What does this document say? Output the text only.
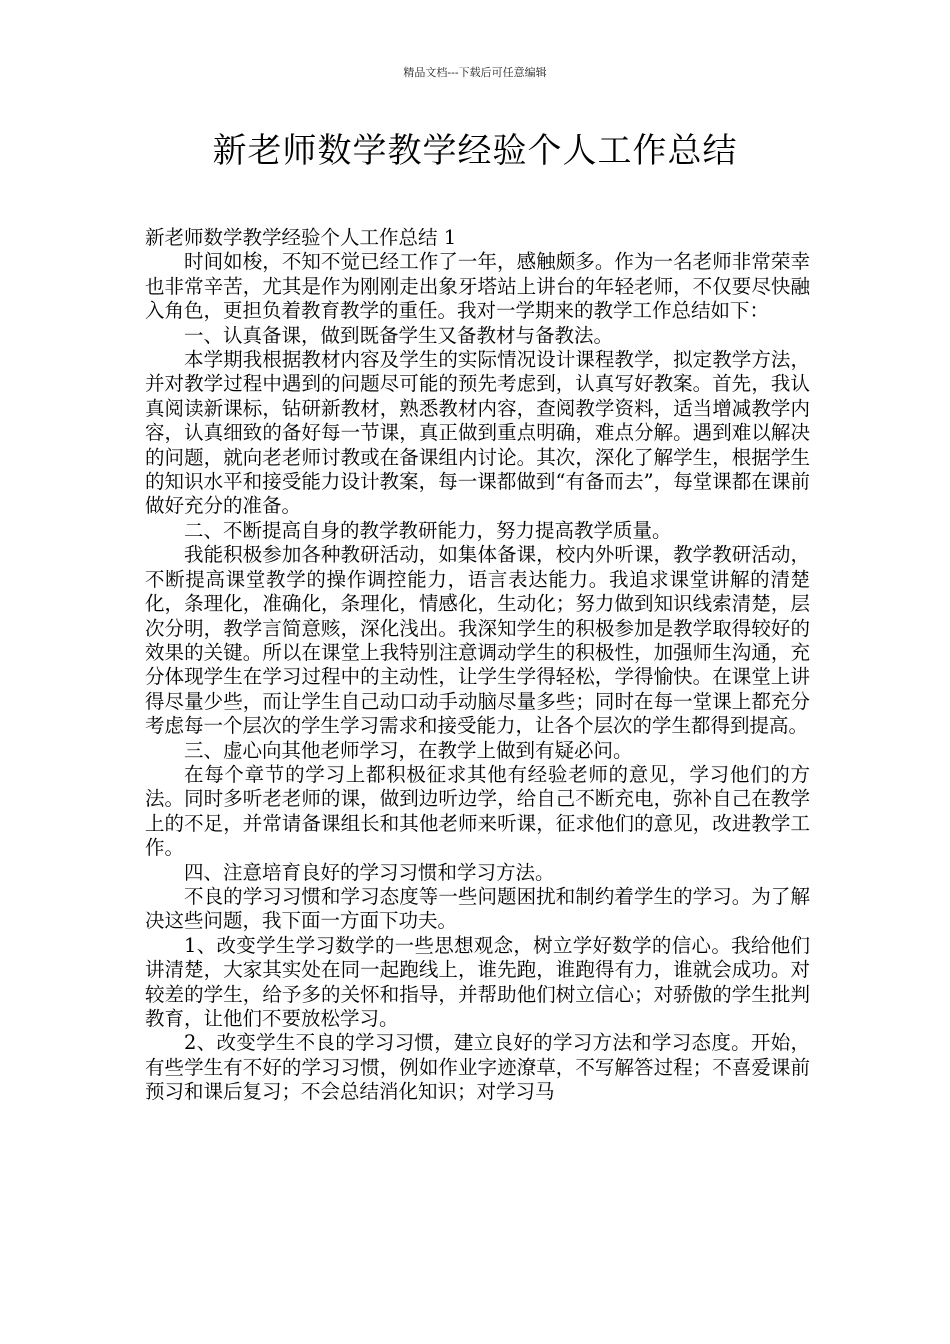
精品文档---下载后可任意编辑
新老师数学教学经验个人工作总结

新老师数学教学经验个人工作总结 1

时间如梭，不知不觉已经工作了一年，感触颇多。作为一名老师非常荣幸也非常辛苦，尤其是作为刚刚走出象牙塔站上讲台的年轻老师，不仅要尽快融入角色，更担负着教育教学的重任。我对一学期来的教学工作总结如下：

一、认真备课，做到既备学生又备教材与备教法。

本学期我根据教材内容及学生的实际情况设计课程教学，拟定教学方法，并对教学过程中遇到的问题尽可能的预先考虑到，认真写好教案。首先，我认真阅读新课标，钻研新教材，熟悉教材内容，查阅教学资料，适当增减教学内容，认真细致的备好每一节课，真正做到重点明确，难点分解。遇到难以解决的问题，就向老老师讨教或在备课组内讨论。其次，深化了解学生，根据学生的知识水平和接受能力设计教案，每一课都做到“有备而去”，每堂课都在课前做好充分的准备。

二、不断提高自身的教学教研能力，努力提高教学质量。

我能积极参加各种教研活动，如集体备课，校内外听课，教学教研活动，不断提高课堂教学的操作调控能力，语言表达能力。我追求课堂讲解的清楚化，条理化，准确化，条理化，情感化，生动化；努力做到知识线索清楚，层次分明，教学言简意赅，深化浅出。我深知学生的积极参加是教学取得较好的效果的关键。所以在课堂上我特别注意调动学生的积极性，加强师生沟通，充分体现学生在学习过程中的主动性，让学生学得轻松，学得愉快。在课堂上讲得尽量少些，而让学生自己动口动手动脑尽量多些；同时在每一堂课上都充分考虑每一个层次的学生学习需求和接受能力，让各个层次的学生都得到提高。

三、虚心向其他老师学习，在教学上做到有疑必问。

在每个章节的学习上都积极征求其他有经验老师的意见，学习他们的方法。同时多听老老师的课，做到边听边学，给自己不断充电，弥补自己在教学上的不足，并常请备课组长和其他老师来听课，征求他们的意见，改进教学工作。

四、注意培育良好的学习习惯和学习方法。

不良的学习习惯和学习态度等一些问题困扰和制约着学生的学习。为了解决这些问题，我下面一方面下功夫。

1、改变学生学习数学的一些思想观念，树立学好数学的信心。我给他们讲清楚，大家其实处在同一起跑线上，谁先跑，谁跑得有力，谁就会成功。对较差的学生，给予多的关怀和指导，并帮助他们树立信心；对骄傲的学生批判教育，让他们不要放松学习。

2、改变学生不良的学习习惯，建立良好的学习方法和学习态度。开始，有些学生有不好的学习习惯，例如作业字迹潦草，不写解答过程；不喜爱课前预习和课后复习；不会总结消化知识；对学习马
